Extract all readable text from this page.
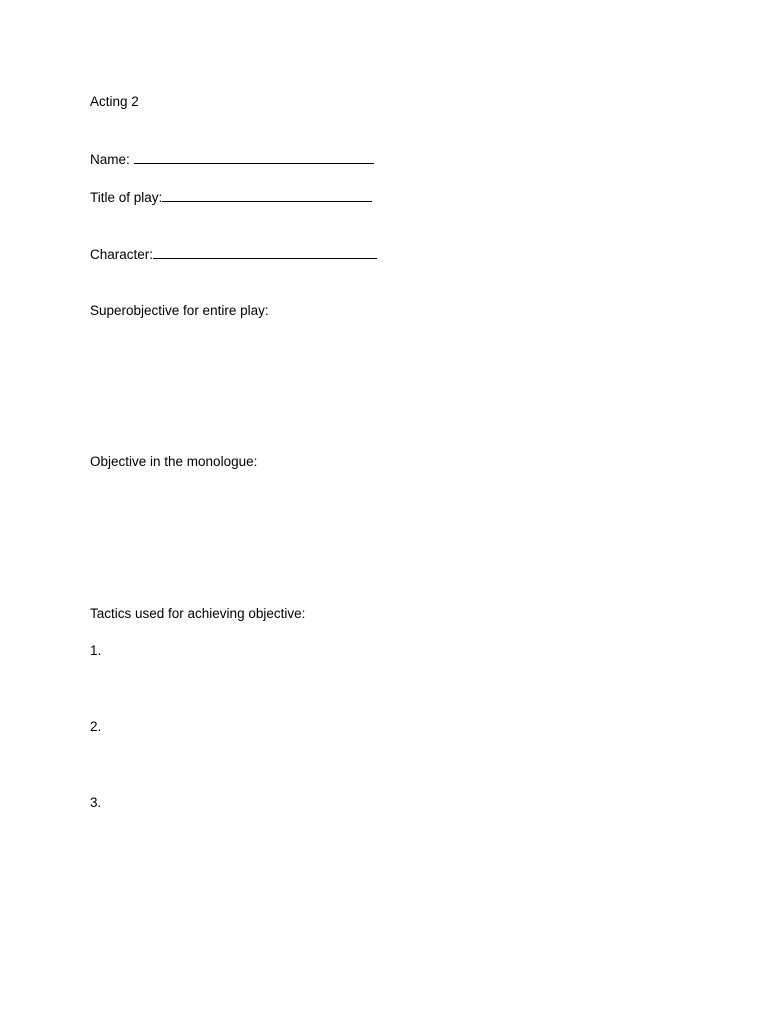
Acting 2
Name:
Title of play:
Character:
Superobjective for entire play:
Objective in the monologue:
Tactics used for achieving objective:
1.
2.
3.
